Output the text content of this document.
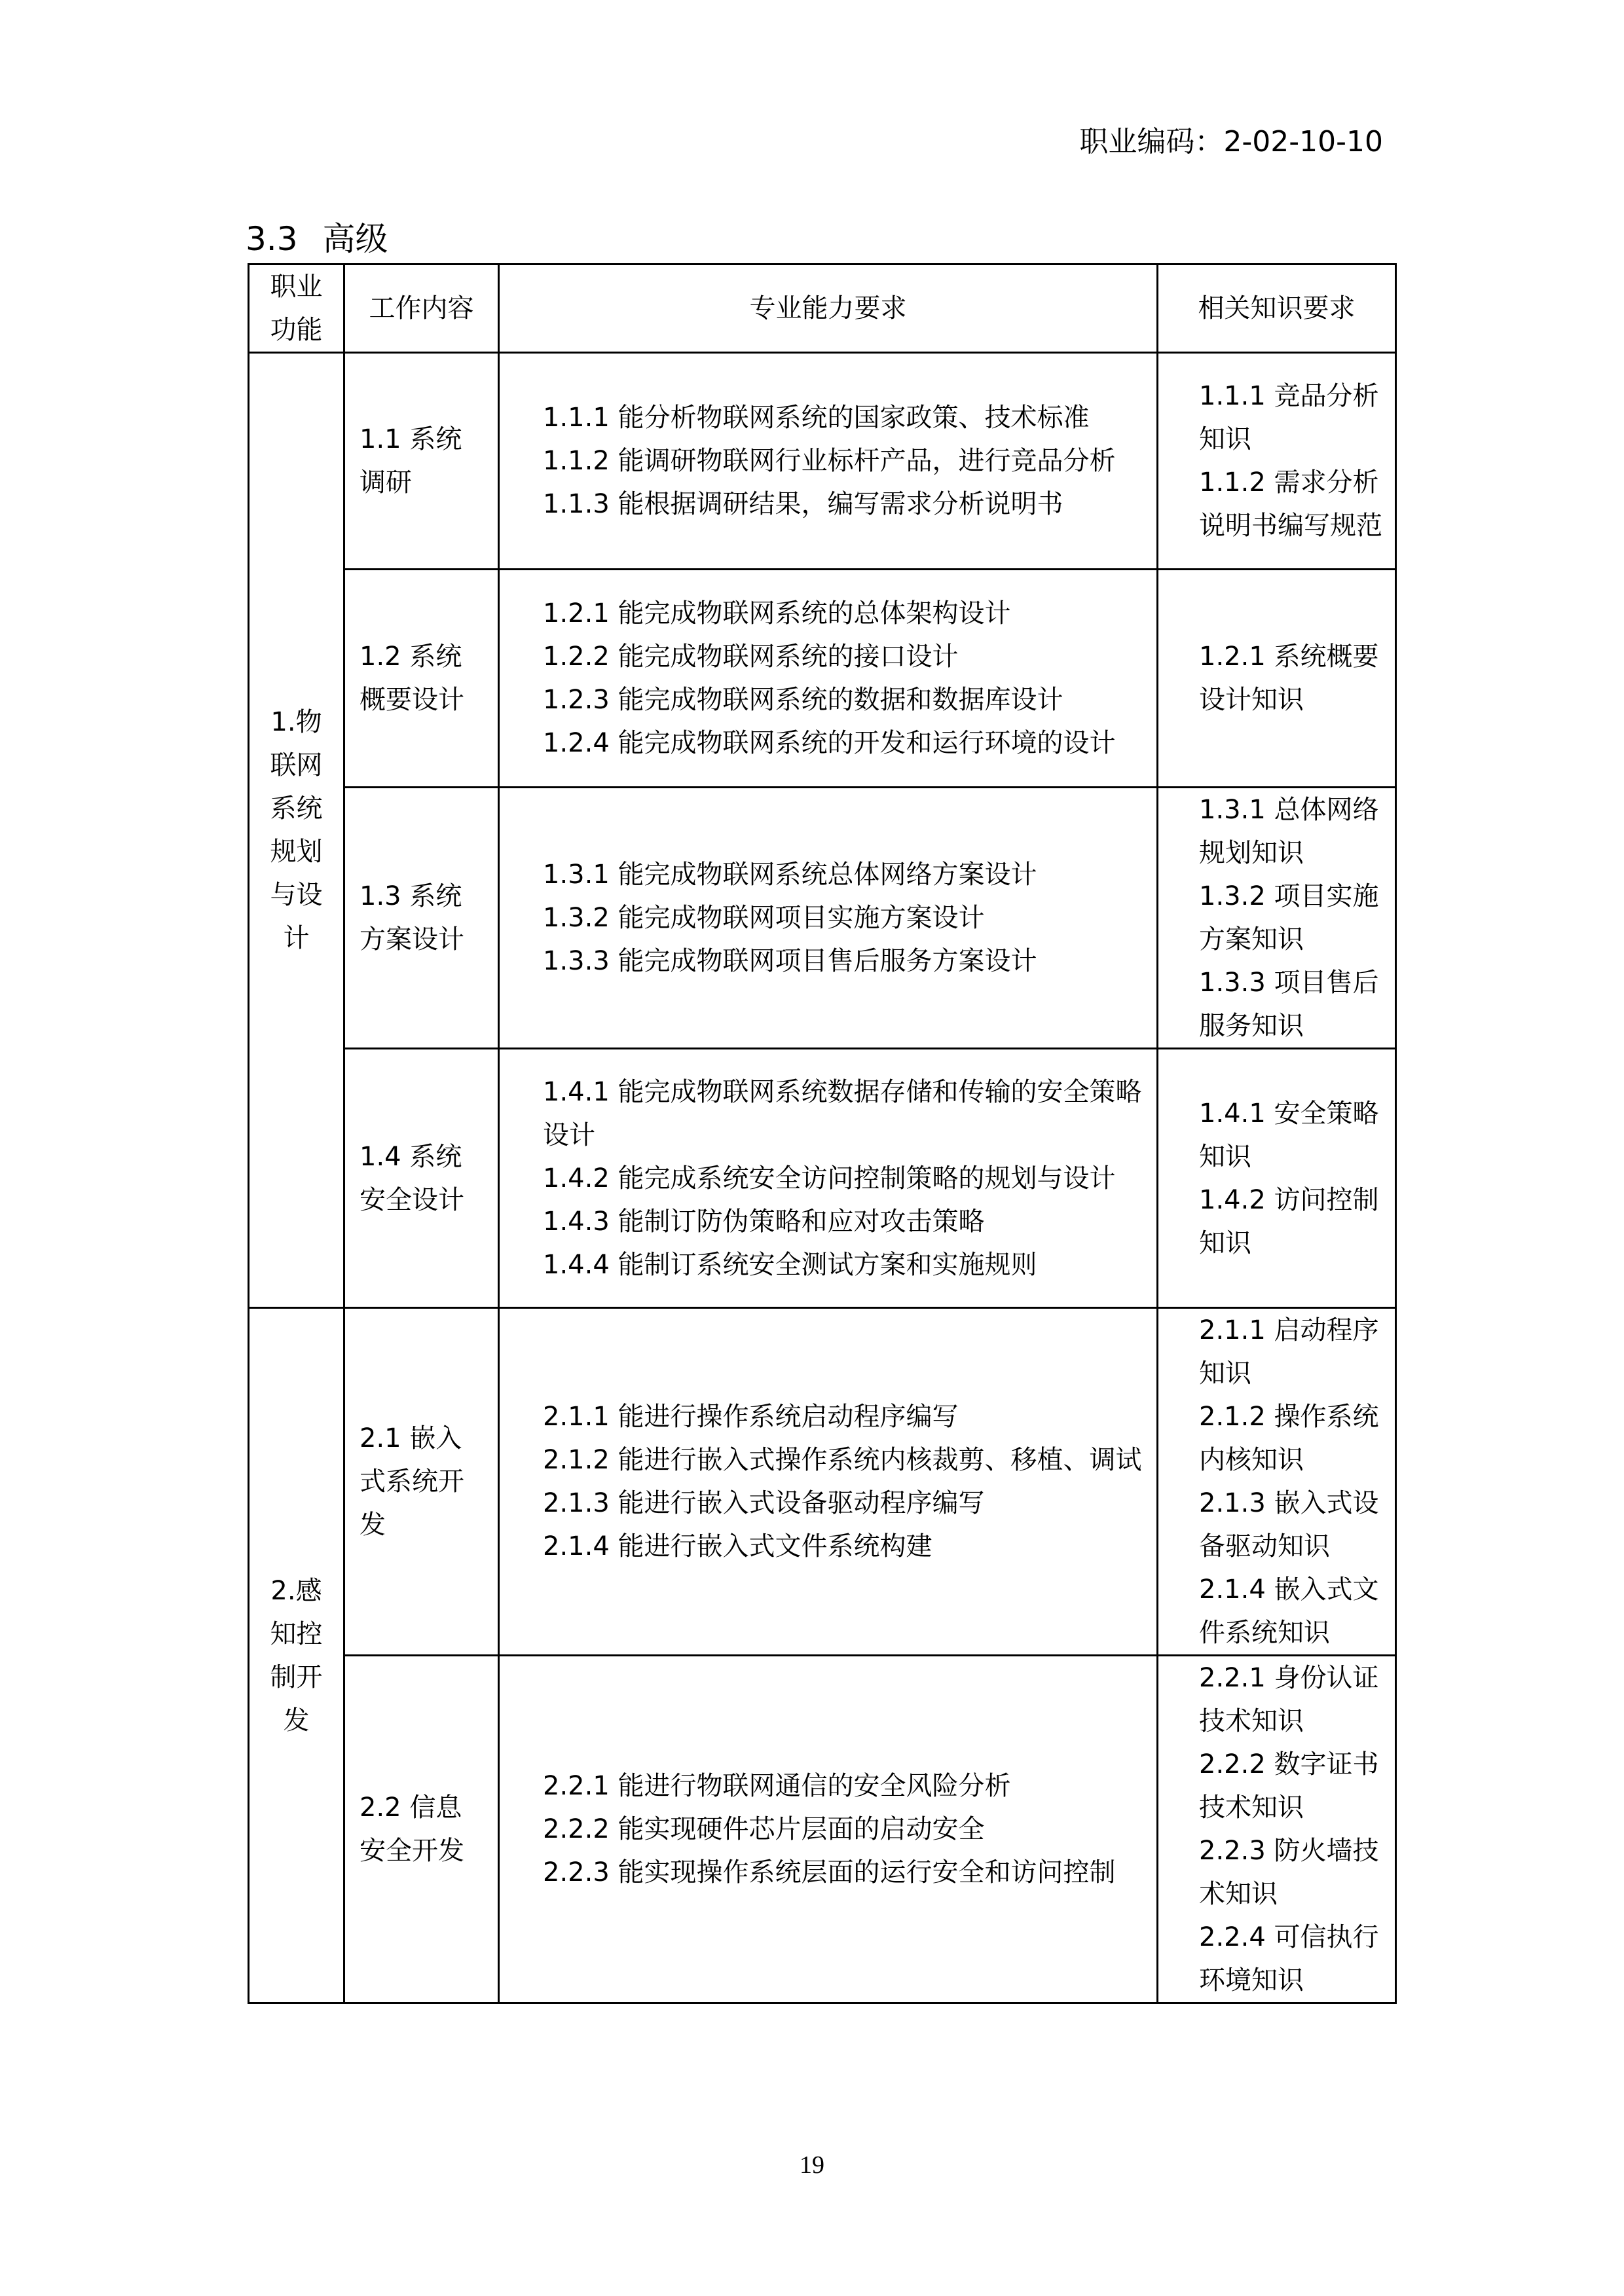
职业编码：2-02-10-10
3.3 高级
职业功能	工作内容	专业能力要求	相关知识要求

1.物联网系统规划与设计	1.1 系统调研	1.1.1 能分析物联网系统的国家政策、技术标准
1.1.2 能调研物联网行业标杆产品，进行竞品分析
1.1.3 能根据调研结果，编写需求分析说明书	1.1.1 竞品分析知识
1.1.2 需求分析说明书编写规范

	1.2 系统概要设计	1.2.1 能完成物联网系统的总体架构设计
1.2.2 能完成物联网系统的接口设计
1.2.3 能完成物联网系统的数据和数据库设计
1.2.4 能完成物联网系统的开发和运行环境的设计	1.2.1 系统概要设计知识

	1.3 系统方案设计	1.3.1 能完成物联网系统总体网络方案设计
1.3.2 能完成物联网项目实施方案设计
1.3.3 能完成物联网项目售后服务方案设计	1.3.1 总体网络规划知识
1.3.2 项目实施方案知识
1.3.3 项目售后服务知识

	1.4 系统安全设计	1.4.1 能完成物联网系统数据存储和传输的安全策略设计
1.4.2 能完成系统安全访问控制策略的规划与设计
1.4.3 能制订防伪策略和应对攻击策略
1.4.4 能制订系统安全测试方案和实施规则	1.4.1 安全策略知识
1.4.2 访问控制知识

2.感知控制开发	2.1 嵌入式系统开发	2.1.1 能进行操作系统启动程序编写
2.1.2 能进行嵌入式操作系统内核裁剪、移植、调试
2.1.3 能进行嵌入式设备驱动程序编写
2.1.4 能进行嵌入式文件系统构建	2.1.1 启动程序知识
2.1.2 操作系统内核知识
2.1.3 嵌入式设备驱动知识
2.1.4 嵌入式文件系统知识

	2.2 信息安全开发	2.2.1 能进行物联网通信的安全风险分析
2.2.2 能实现硬件芯片层面的启动安全
2.2.3 能实现操作系统层面的运行安全和访问控制	2.2.1 身份认证技术知识
2.2.2 数字证书技术知识
2.2.3 防火墙技术知识
2.2.4 可信执行环境知识
19
